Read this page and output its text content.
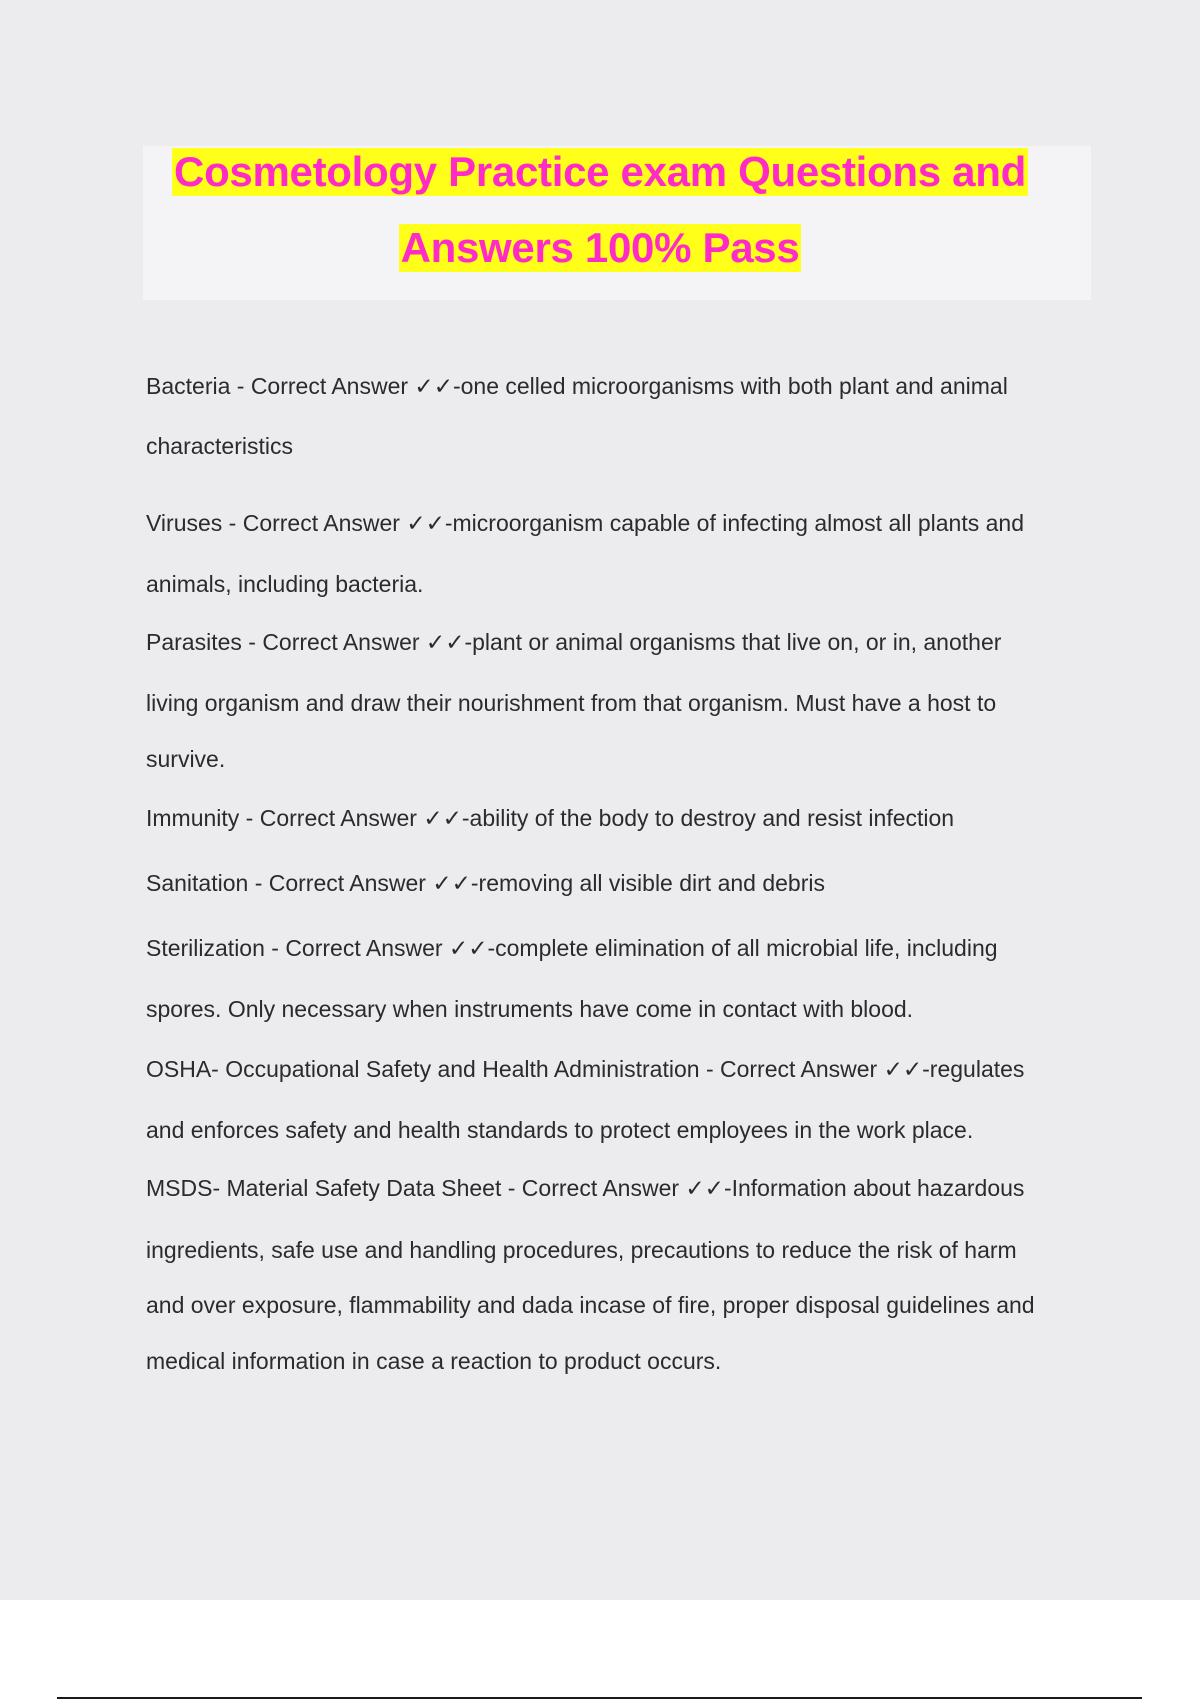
Cosmetology Practice exam Questions and
Answers 100% Pass
Bacteria - Correct Answer ✓✓-one celled microorganisms with both plant and animal
characteristics
Viruses - Correct Answer ✓✓-microorganism capable of infecting almost all plants and
animals, including bacteria.
Parasites - Correct Answer ✓✓-plant or animal organisms that live on, or in, another
living organism and draw their nourishment from that organism. Must have a host to
survive.
Immunity - Correct Answer ✓✓-ability of the body to destroy and resist infection
Sanitation - Correct Answer ✓✓-removing all visible dirt and debris
Sterilization - Correct Answer ✓✓-complete elimination of all microbial life, including
spores. Only necessary when instruments have come in contact with blood.
OSHA- Occupational Safety and Health Administration - Correct Answer ✓✓-regulates
and enforces safety and health standards to protect employees in the work place.
MSDS- Material Safety Data Sheet - Correct Answer ✓✓-Information about hazardous
ingredients, safe use and handling procedures, precautions to reduce the risk of harm
and over exposure, flammability and dada incase of fire, proper disposal guidelines and
medical information in case a reaction to product occurs.
